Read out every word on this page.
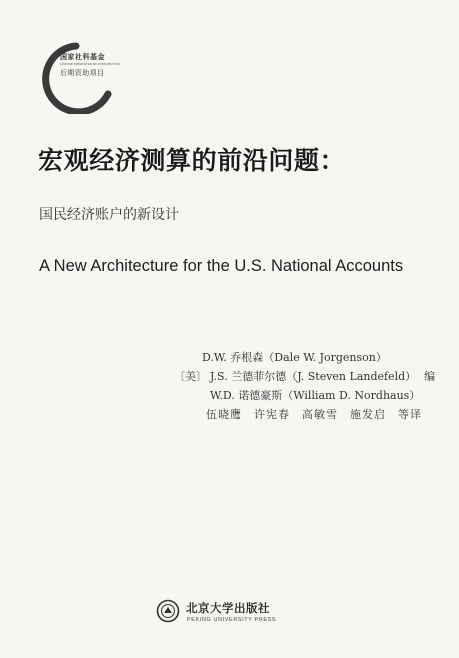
国家社科基金
Chinese national social sciences fund
后期资助项目
宏观经济测算的前沿问题：
国民经济账户的新设计
A New Architecture for the U.S. National Accounts
D.W. 乔根森（Dale W. Jorgenson）
〔美〕 J.S. 兰德菲尔德（J. Steven Landefeld） 编
W.D. 诺德豪斯（William D. Nordhaus）
伍晓鹰　许宪春　高敏雪　施发启　等译
北京大学出版社
PEKING UNIVERSITY PRESS
